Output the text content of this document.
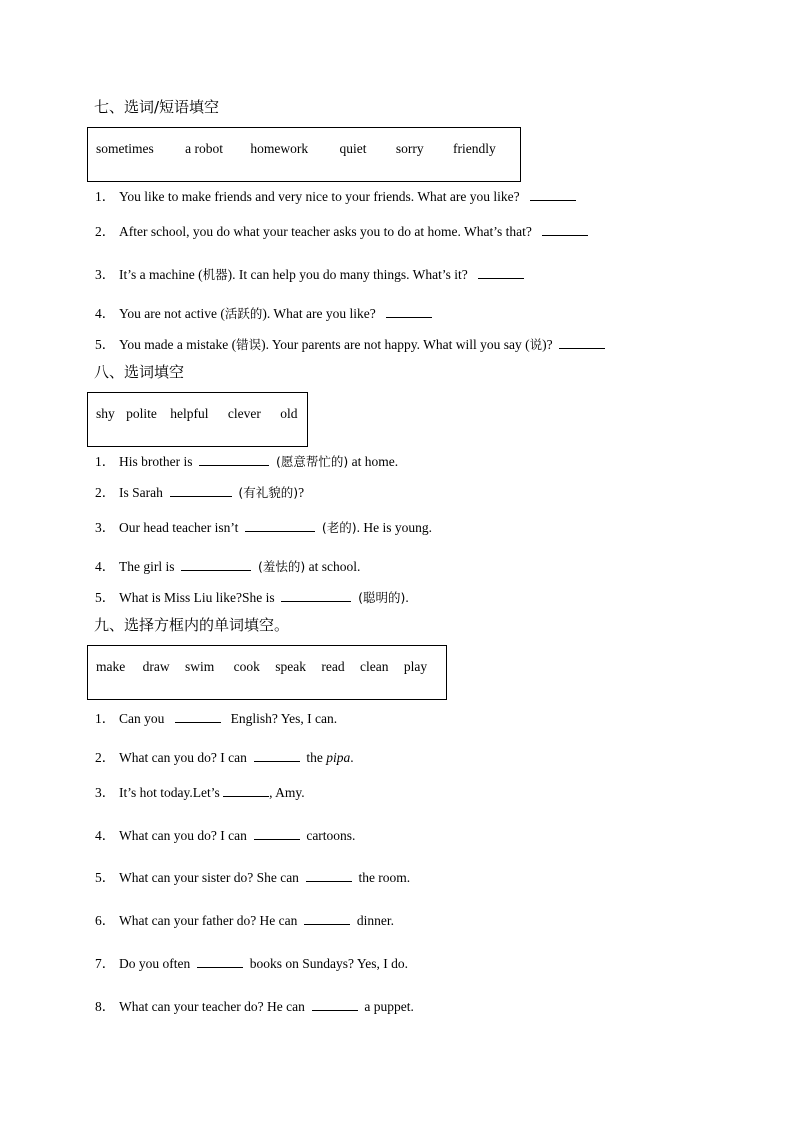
七、选词/短语填空
sometimes a robot homework quiet sorry friendly
1． You like to make friends and very nice to your friends. What are you like?
2． After school, you do what your teacher asks you to do at home. What’s that?
3． It’s a machine (机器). It can help you do many things. What’s it?
4． You are not active (活跃的). What are you like?
5． You made a mistake (错误). Your parents are not happy. What will you say (说)?
八、选词填空
shy polite helpful clever old
1． His brother is	(愿意帮忙的) at home.
2． Is Sarah	(有礼貌的)?
3． Our head teacher isn’t	(老的). He is young.
4． The girl is	(羞怯的) at school.
5． What is Miss Liu like?She is	(聪明的).
九、选择方框内的单词填空。
make draw swim cook speak read clean play
1． Can you	English? Yes, I can.
2． What can you do? I can	the pipa.
3． It’s hot today.Let’s	, Amy.
4． What can you do? I can	cartoons.
5． What can your sister do? She can	the room.
6． What can your father do? He can	dinner.
7． Do you often	books on Sundays? Yes, I do.
8． What can your teacher do? He can	a puppet.
